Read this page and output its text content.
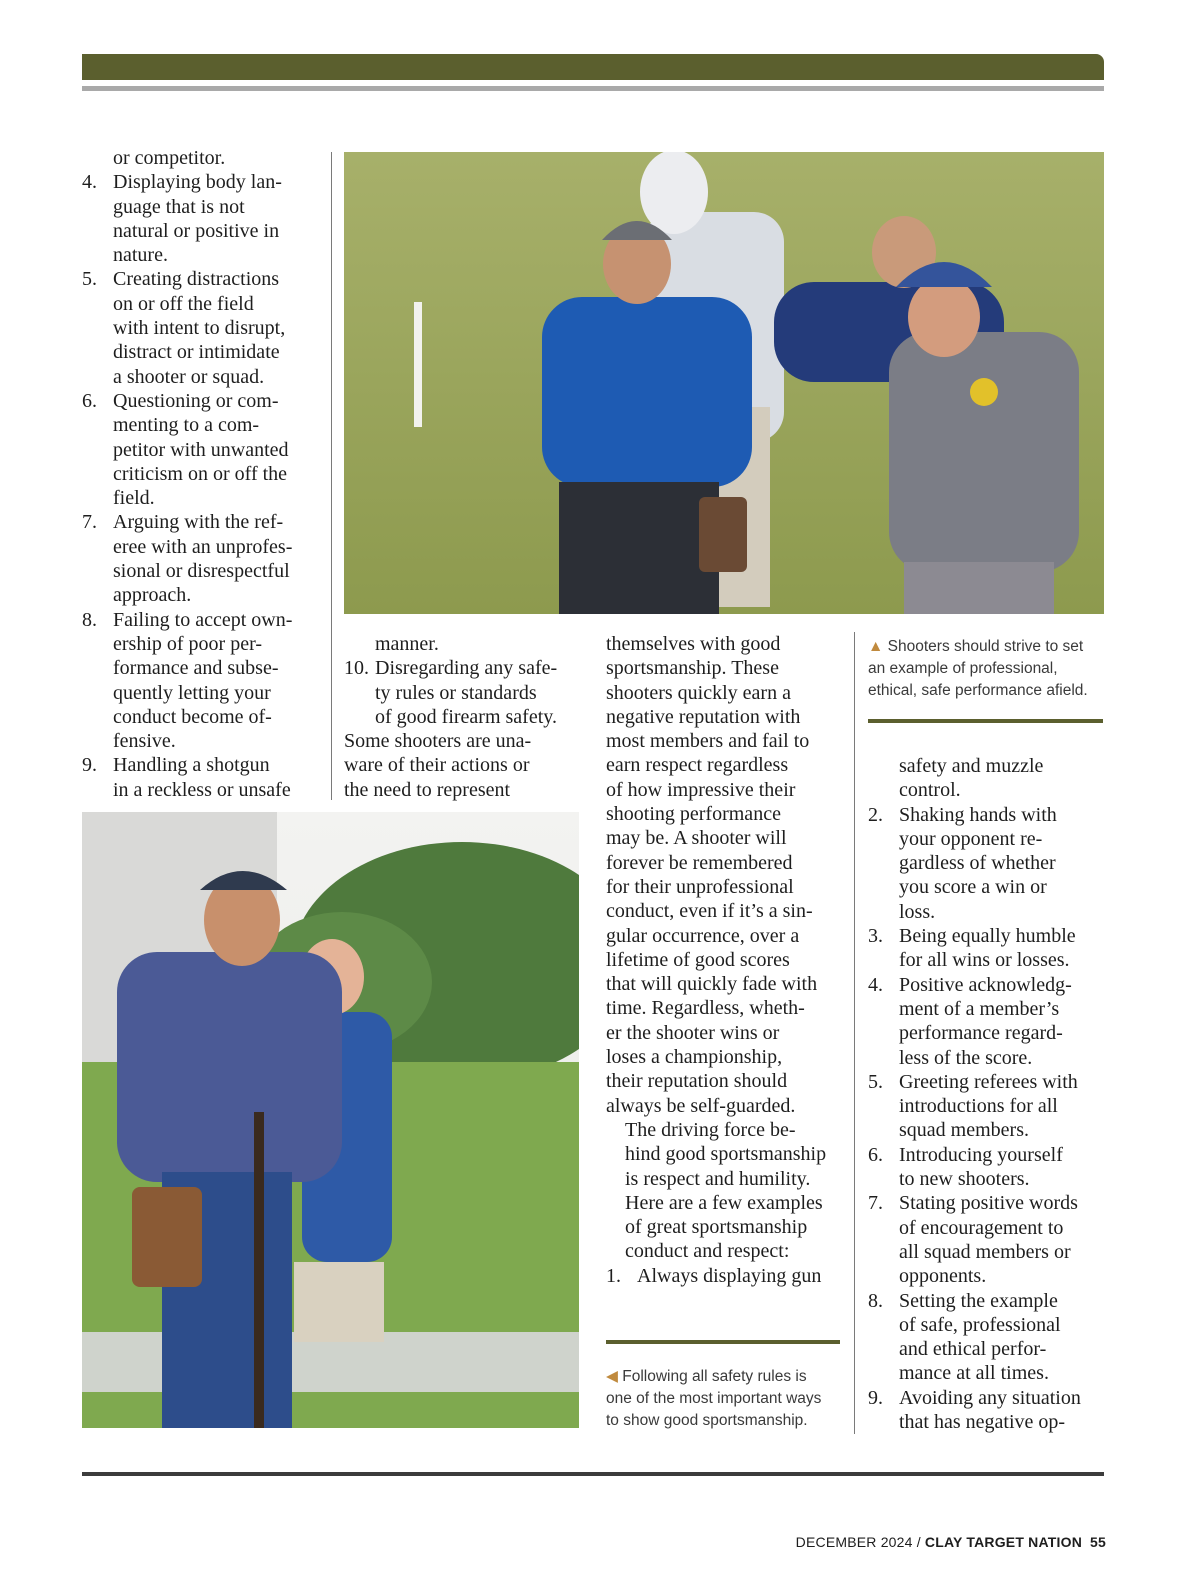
or competitor.

4. Displaying body lan-
guage that is not
natural or positive in
nature.
5. Creating distractions
on or off the field
with intent to disrupt,
distract or intimidate
a shooter or squad.
6. Questioning or com-
menting to a com-
petitor with unwanted
criticism on or off the
field.
7. Arguing with the ref-
eree with an unprofes-
sional or disrespectful
approach.
8. Failing to accept own-
ership of poor per-
formance and subse-
quently letting your
conduct become of-
fensive.
9. Handling a shotgun
in a reckless or unsafe

manner.

10. Disregarding any safe-
ty rules or standards
of good firearm safety.
Some shooters are una-
ware of their actions or
the need to represent
themselves with good
sportsmanship. These
shooters quickly earn a
negative reputation with
most members and fail to
earn respect regardless
of how impressive their
shooting performance
may be. A shooter will
forever be remembered
for their unprofessional
conduct, even if it’s a sin-
gular occurrence, over a
lifetime of good scores
that will quickly fade with
time. Regardless, wheth-
er the shooter wins or
loses a championship,
their reputation should
always be self-guarded.
The driving force be-
hind good sportsmanship
is respect and humility.
Here are a few examples
of great sportsmanship
conduct and respect:
1. Always displaying gun
◀ Following all safety rules is
one of the most important ways
to show good sportsmanship.
▲ Shooters should strive to set
an example of professional,
ethical, safe performance afield.
safety and muzzle
control.
2. Shaking hands with
your opponent re-
gardless of whether
you score a win or
loss.
3. Being equally humble
for all wins or losses.
4. Positive acknowledg-
ment of a member’s
performance regard-
less of the score.
5. Greeting referees with
introductions for all
squad members.
6. Introducing yourself
to new shooters.
7. Stating positive words
of encouragement to
all squad members or
opponents.
8. Setting the example
of safe, professional
and ethical perfor-
mance at all times.
9. Avoiding any situation
that has negative op-
DECEMBER 2024 / CLAY TARGET NATION 55
